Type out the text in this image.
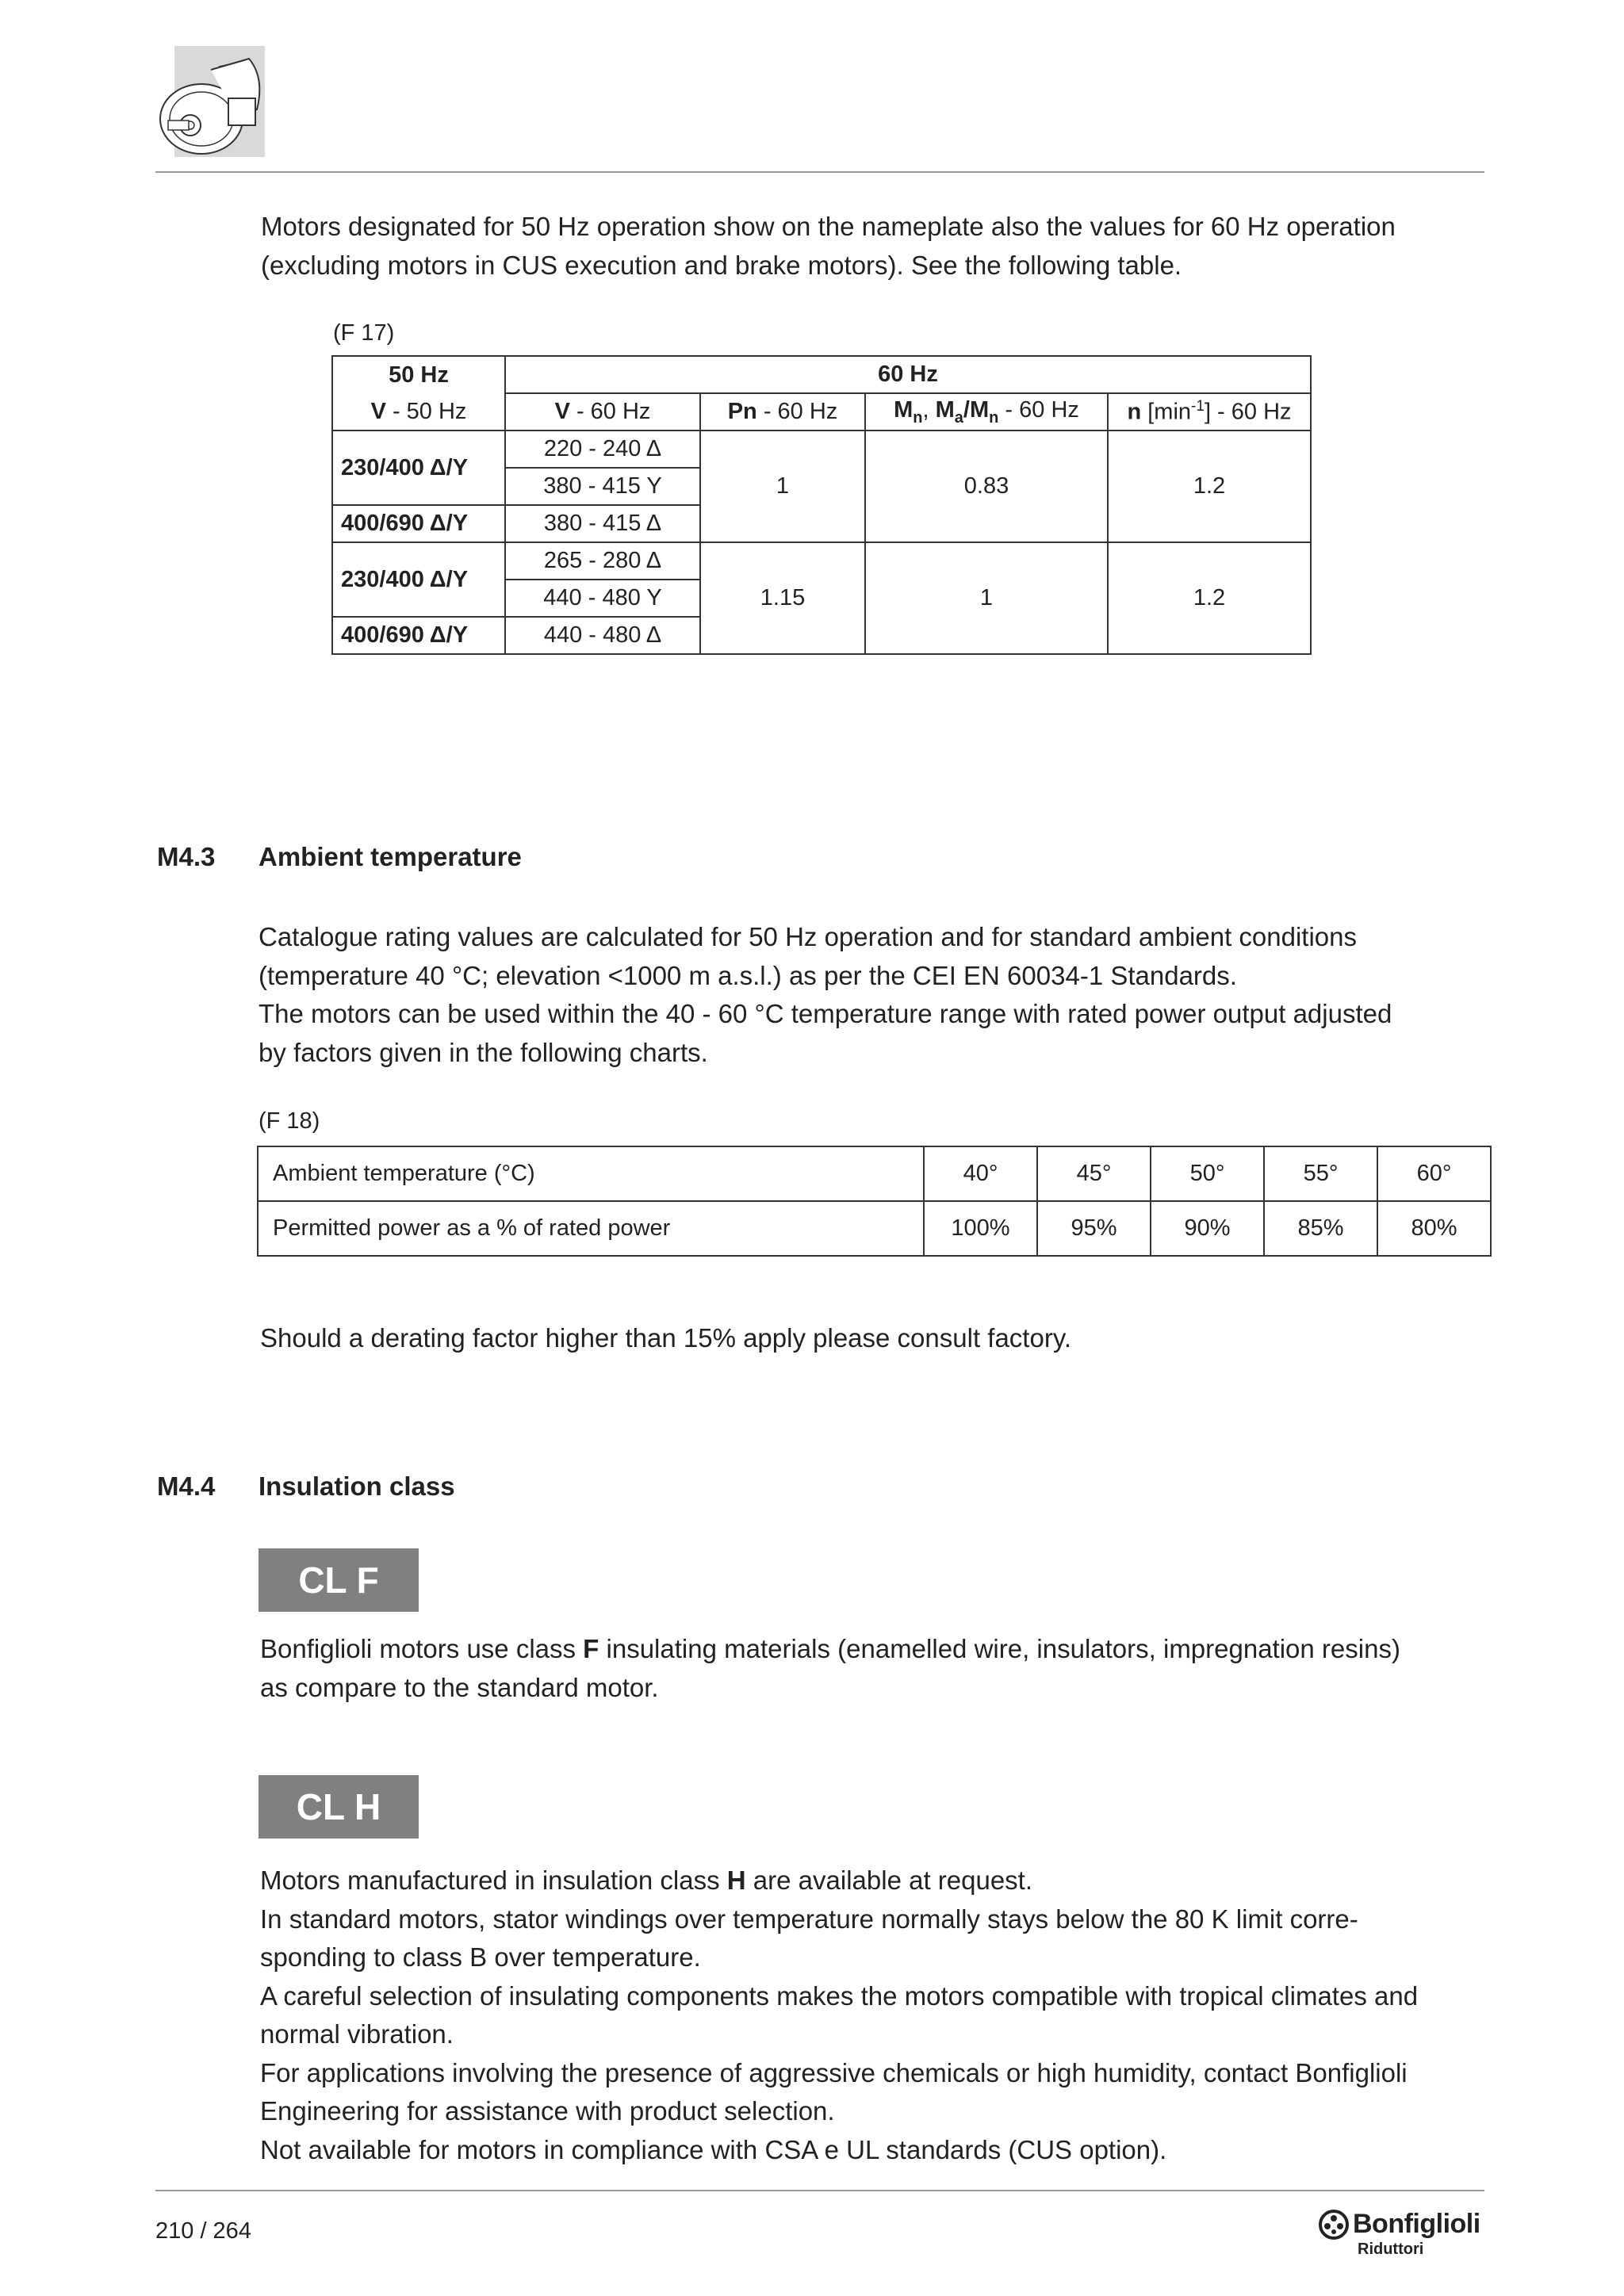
Motors designated for 50 Hz operation show on the nameplate also the values for 60 Hz operation
(excluding motors in CUS execution and brake motors). See the following table.
(F 17)
50 Hz	60 Hz			
V - 50 Hz	V - 60 Hz	Pn - 60 Hz	$M_n$, $M_a/M_n - 60$ Hz	n $[\min^{-1}] - 60$ Hz
230/400 Δ/Y	220 - 240 Δ	1	0.83	1.2
	380 - 415 Y			
400/690 Δ/Y	380 - 415 Δ			
230/400 Δ/Y	265 - 280 Δ	1.15	1	1.2
	440 - 480 Y			
400/690 Δ/Y	440 - 480 Δ			
M4.3 Ambient temperature
Catalogue rating values are calculated for 50 Hz operation and for standard ambient conditions
(temperature 40 °C; elevation <1000 m a.s.l.) as per the CEI EN 60034-1 Standards.
The motors can be used within the 40 - 60 °C temperature range with rated power output adjusted
by factors given in the following charts.
(F 18)
Ambient temperature (°C)	40°	45°	50°	55°	60°
Permitted power as a % of rated power	100%	95%	90%	85%	80%
Should a derating factor higher than 15% apply please consult factory.
M4.4 Insulation class
CL F
Bonfiglioli motors use class F insulating materials (enamelled wire, insulators, impregnation resins)
as compare to the standard motor.
CL H
Motors manufactured in insulation class H are available at request.
In standard motors, stator windings over temperature normally stays below the 80 K limit corre-
sponding to class B over temperature.
A careful selection of insulating components makes the motors compatible with tropical climates and
normal vibration.
For applications involving the presence of aggressive chemicals or high humidity, contact Bonfiglioli
Engineering for assistance with product selection.
Not available for motors in compliance with CSA e UL standards (CUS option).
210 / 264	Bonfiglioli
Riduttori
